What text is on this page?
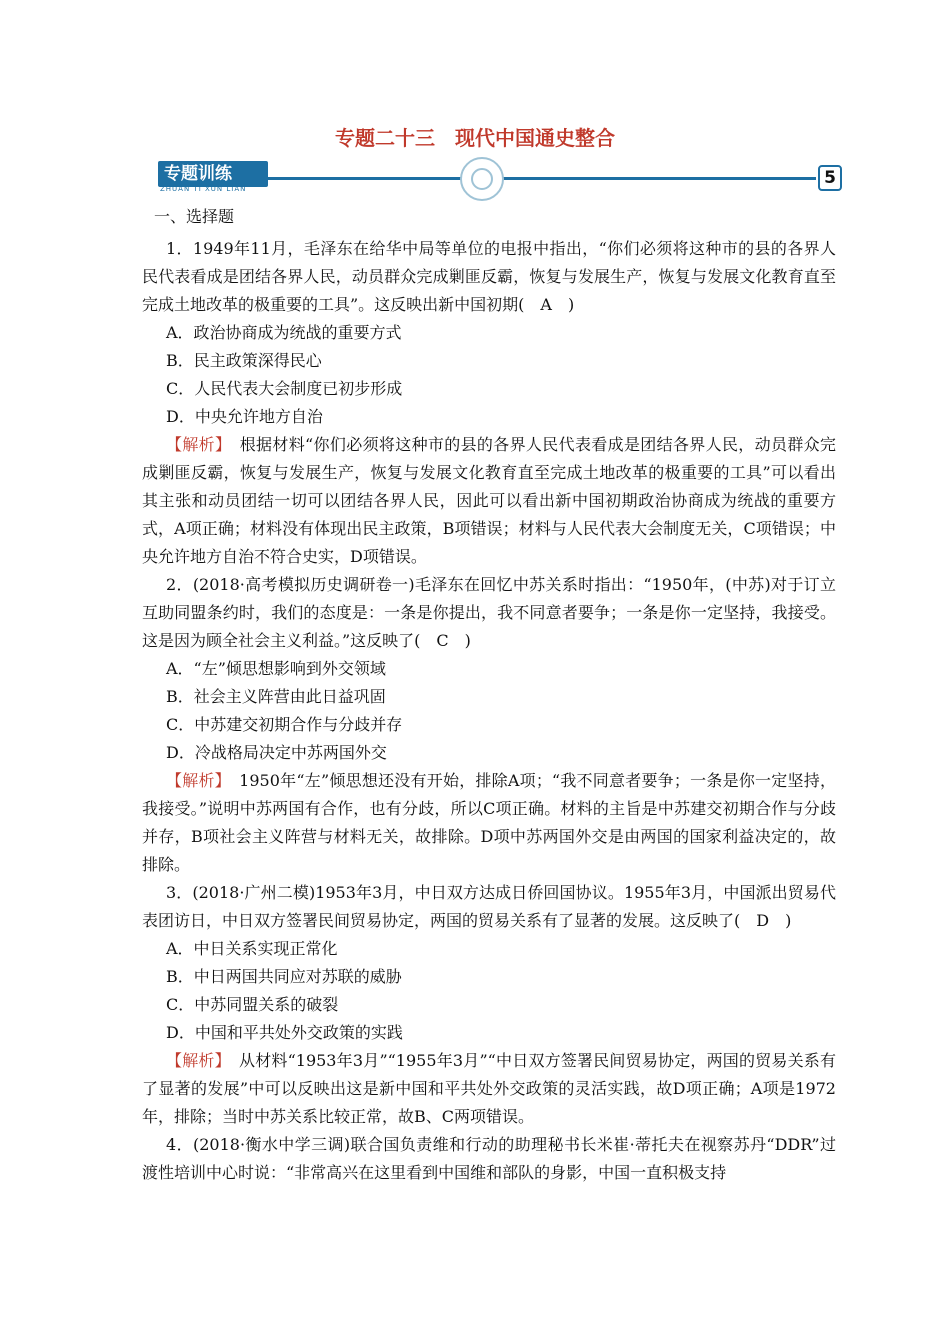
专题二十三　现代中国通史整合
专题训练
ZHUAN TI XUN LIAN
5

一、选择题

1．1949年11月，毛泽东在给华中局等单位的电报中指出，“你们必须将这种市的县的各界人民代表看成是团结各界人民，动员群众完成剿匪反霸，恢复与发展生产，恢复与发展文化教育直至完成土地改革的极重要的工具”。这反映出新中国初期(　A　)

A．政治协商成为统战的重要方式

B．民主政策深得民心

C．人民代表大会制度已初步形成

D．中央允许地方自治

【解析】　根据材料“你们必须将这种市的县的各界人民代表看成是团结各界人民，动员群众完成剿匪反霸，恢复与发展生产，恢复与发展文化教育直至完成土地改革的极重要的工具”可以看出其主张和动员团结一切可以团结各界人民，因此可以看出新中国初期政治协商成为统战的重要方式，A项正确；材料没有体现出民主政策，B项错误；材料与人民代表大会制度无关，C项错误；中央允许地方自治不符合史实，D项错误。

2．(2018·高考模拟历史调研卷一)毛泽东在回忆中苏关系时指出：“1950年，(中苏)对于订立互助同盟条约时，我们的态度是：一条是你提出，我不同意者要争；一条是你一定坚持，我接受。这是因为顾全社会主义利益。”这反映了(　C　)

A．“左”倾思想影响到外交领域

B．社会主义阵营由此日益巩固

C．中苏建交初期合作与分歧并存

D．冷战格局决定中苏两国外交

【解析】　1950年“左”倾思想还没有开始，排除A项；“我不同意者要争；一条是你一定坚持，我接受。”说明中苏两国有合作，也有分歧，所以C项正确。材料的主旨是中苏建交初期合作与分歧并存，B项社会主义阵营与材料无关，故排除。D项中苏两国外交是由两国的国家利益决定的，故排除。

3．(2018·广州二模)1953年3月，中日双方达成日侨回国协议。1955年3月，中国派出贸易代表团访日，中日双方签署民间贸易协定，两国的贸易关系有了显著的发展。这反映了(　D　)

A．中日关系实现正常化

B．中日两国共同应对苏联的威胁

C．中苏同盟关系的破裂

D．中国和平共处外交政策的实践

【解析】　从材料“1953年3月”“1955年3月”“中日双方签署民间贸易协定，两国的贸易关系有了显著的发展”中可以反映出这是新中国和平共处外交政策的灵活实践，故D项正确；A项是1972年，排除；当时中苏关系比较正常，故B、C两项错误。

4．(2018·衡水中学三调)联合国负责维和行动的助理秘书长米崔·蒂托夫在视察苏丹“DDR”过渡性培训中心时说：“非常高兴在这里看到中国维和部队的身影，中国一直积极支持
